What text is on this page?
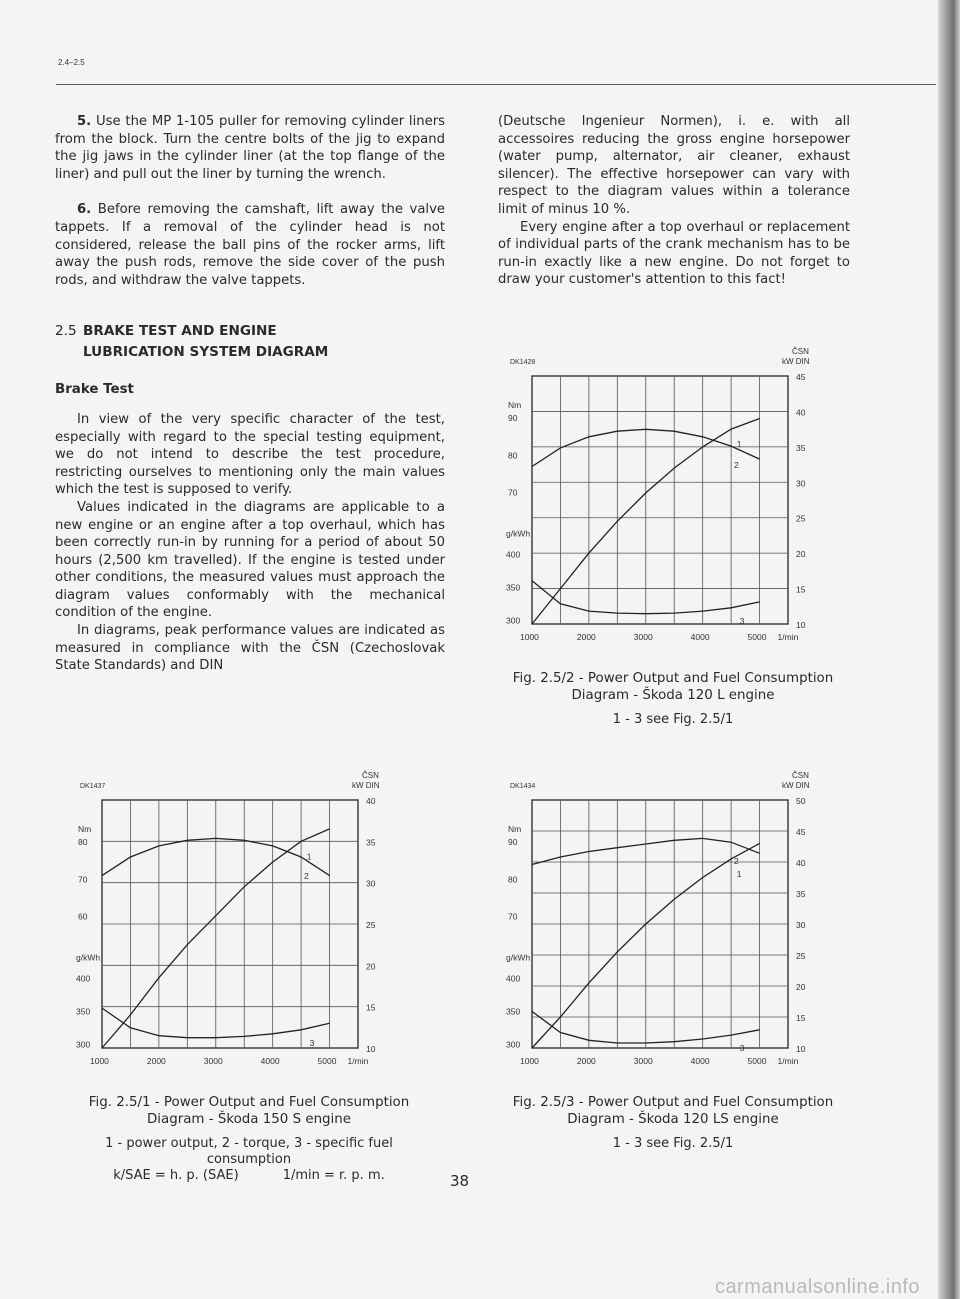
2.4–2.5

5. Use the MP 1-105 puller for removing cylinder liners from the block. Turn the centre bolts of the jig to expand the jig jaws in the cylinder liner (at the top flange of the liner) and pull out the liner by turning the wrench.

6. Before removing the camshaft, lift away the valve tappets. If a removal of the cylinder head is not considered, release the ball pins of the rocker arms, lift away the push rods, remove the side cover of the push rods, and withdraw the valve tappets.

2.5 BRAKE TEST AND ENGINE
LUBRICATION SYSTEM DIAGRAM
Brake Test

In view of the very specific character of the test, especially with regard to the special testing equipment, we do not intend to describe the test procedure, restricting ourselves to mentioning only the main values which the test is supposed to verify.

Values indicated in the diagrams are applicable to a new engine or an engine after a top overhaul, which has been correctly run-in by running for a period of about 50 hours (2,500 km travelled). If the engine is tested under other conditions, the measured values must approach the diagram values conformably with the mechanical condition of the engine.

In diagrams, peak performance values are indicated as measured in compliance with the ČSN (Czechoslovak State Standards) and DIN

(Deutsche Ingenieur Normen), i. e. with all accessoires reducing the gross engine horsepower (water pump, alternator, air cleaner, exhaust silencer). The effective horsepower can vary with respect to the diagram values within a tolerance limit of minus 10 %.

Every engine after a top overhaul or replacement of individual parts of the crank mechanism has to be run-in exactly like a new engine. Do not forget to draw your customer's attention to this fact!

45
40
35
30
25
20
15
10
ČSN
kW DIN
DK1428
Nm
90
80
70
g/kWh
400
350
300
1000	2000	3000	4000	5000 1/min
1
2
3
40
35
30
25
20
15
10
ČSN
kW DIN
DK1437
Nm
80
70
60
g/kWh
400
350
300
1000	2000	3000	4000	5000 1/min
1
2
3
50
45
40
35
30
25
20
15
10
ČSN
kW DIN
DK1434
Nm
90
80
70
g/kWh
400
350
300
1000	2000	3000	4000	5000 1/min
1
2
3
Fig. 2.5/2 - Power Output and Fuel Consumption
Diagram - Škoda 120 L engine
1 - 3 see Fig. 2.5/1
Fig. 2.5/1 - Power Output and Fuel Consumption
Diagram - Škoda 150 S engine
1 - power output, 2 - torque, 3 - specific fuel
consumption
k/SAE = h. p. (SAE)	1/min = r. p. m.
Fig. 2.5/3 - Power Output and Fuel Consumption
Diagram - Škoda 120 LS engine
1 - 3 see Fig. 2.5/1
38
carmanualsonline.info
